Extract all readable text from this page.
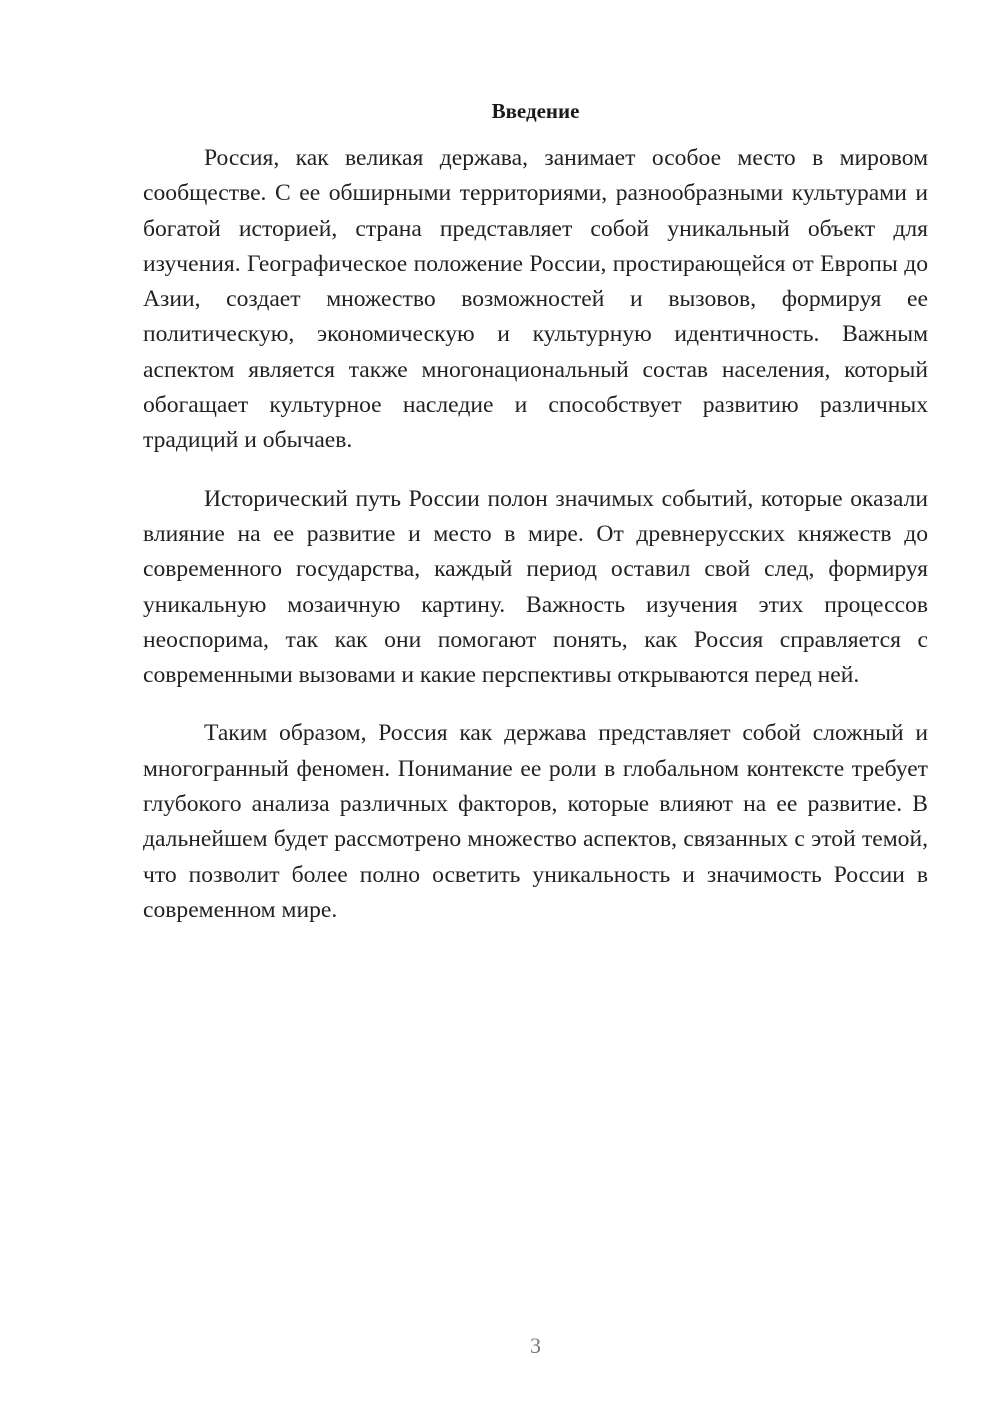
Введение

Россия, как великая держава, занимает особое место в мировом сообществе. С ее обширными территориями, разнообразными культурами и богатой историей, страна представляет собой уникальный объект для изучения. Географическое положение России, простирающейся от Европы до Азии, создает множество возможностей и вызовов, формируя ее политическую, экономическую и культурную идентичность. Важным аспектом является также многонациональный состав населения, который обогащает культурное наследие и способствует развитию различных традиций и обычаев.

Исторический путь России полон значимых событий, которые оказали влияние на ее развитие и место в мире. От древнерусских княжеств до современного государства, каждый период оставил свой след, формируя уникальную мозаичную картину. Важность изучения этих процессов неоспорима, так как они помогают понять, как Россия справляется с современными вызовами и какие перспективы открываются перед ней.

Таким образом, Россия как держава представляет собой сложный и многогранный феномен. Понимание ее роли в глобальном контексте требует глубокого анализа различных факторов, которые влияют на ее развитие. В дальнейшем будет рассмотрено множество аспектов, связанных с этой темой, что позволит более полно осветить уникальность и значимость России в современном мире.

3
